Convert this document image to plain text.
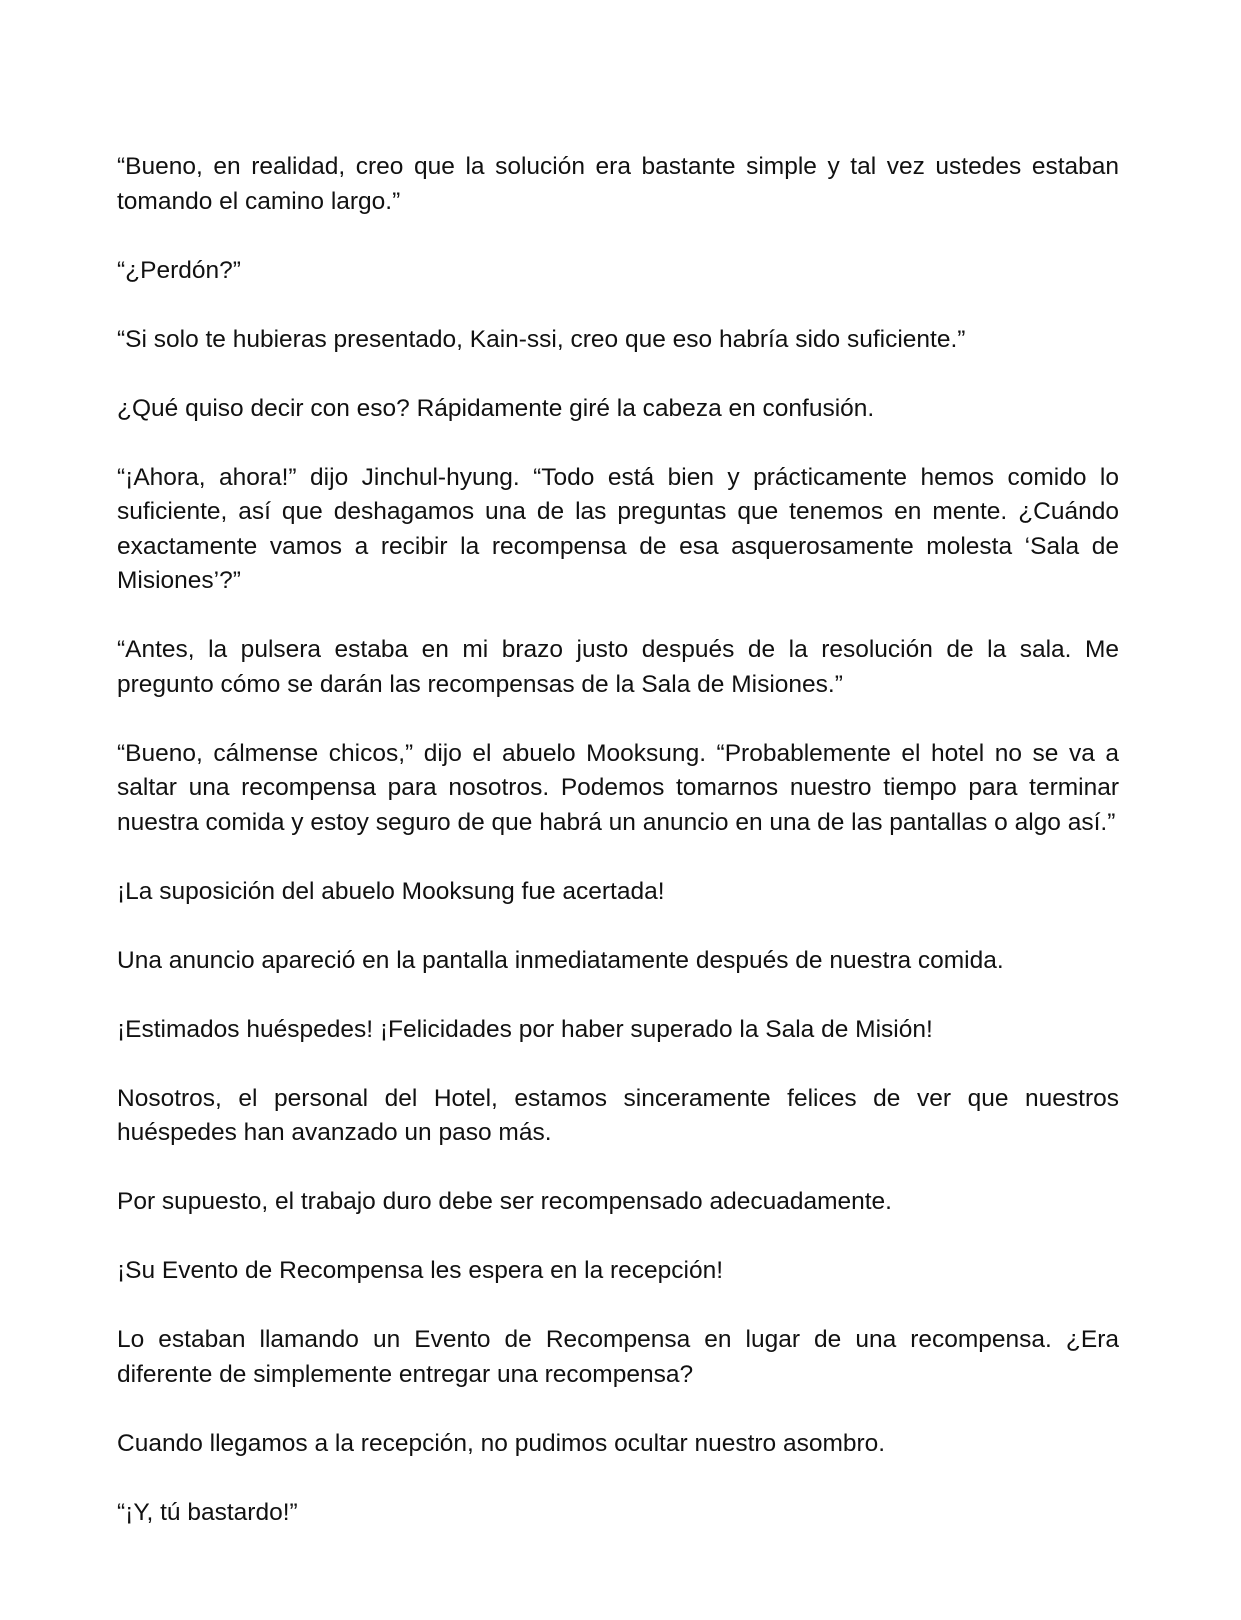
“Bueno, en realidad, creo que la solución era bastante simple y tal vez ustedes estaban tomando el camino largo.”

“¿Perdón?”

“Si solo te hubieras presentado, Kain-ssi, creo que eso habría sido suficiente.”

¿Qué quiso decir con eso? Rápidamente giré la cabeza en confusión.

“¡Ahora, ahora!” dijo Jinchul-hyung. “Todo está bien y prácticamente hemos comido lo suficiente, así que deshagamos una de las preguntas que tenemos en mente. ¿Cuándo exactamente vamos a recibir la recompensa de esa asquerosamente molesta ‘Sala de Misiones’?”

“Antes, la pulsera estaba en mi brazo justo después de la resolución de la sala. Me pregunto cómo se darán las recompensas de la Sala de Misiones.”

“Bueno, cálmense chicos,” dijo el abuelo Mooksung. “Probablemente el hotel no se va a saltar una recompensa para nosotros. Podemos tomarnos nuestro tiempo para terminar nuestra comida y estoy seguro de que habrá un anuncio en una de las pantallas o algo así.”

¡La suposición del abuelo Mooksung fue acertada!

Una anuncio apareció en la pantalla inmediatamente después de nuestra comida.

¡Estimados huéspedes! ¡Felicidades por haber superado la Sala de Misión!

Nosotros, el personal del Hotel, estamos sinceramente felices de ver que nuestros huéspedes han avanzado un paso más.

Por supuesto, el trabajo duro debe ser recompensado adecuadamente.

¡Su Evento de Recompensa les espera en la recepción!

Lo estaban llamando un Evento de Recompensa en lugar de una recompensa. ¿Era diferente de simplemente entregar una recompensa?

Cuando llegamos a la recepción, no pudimos ocultar nuestro asombro.

“¡Y, tú bastardo!”
